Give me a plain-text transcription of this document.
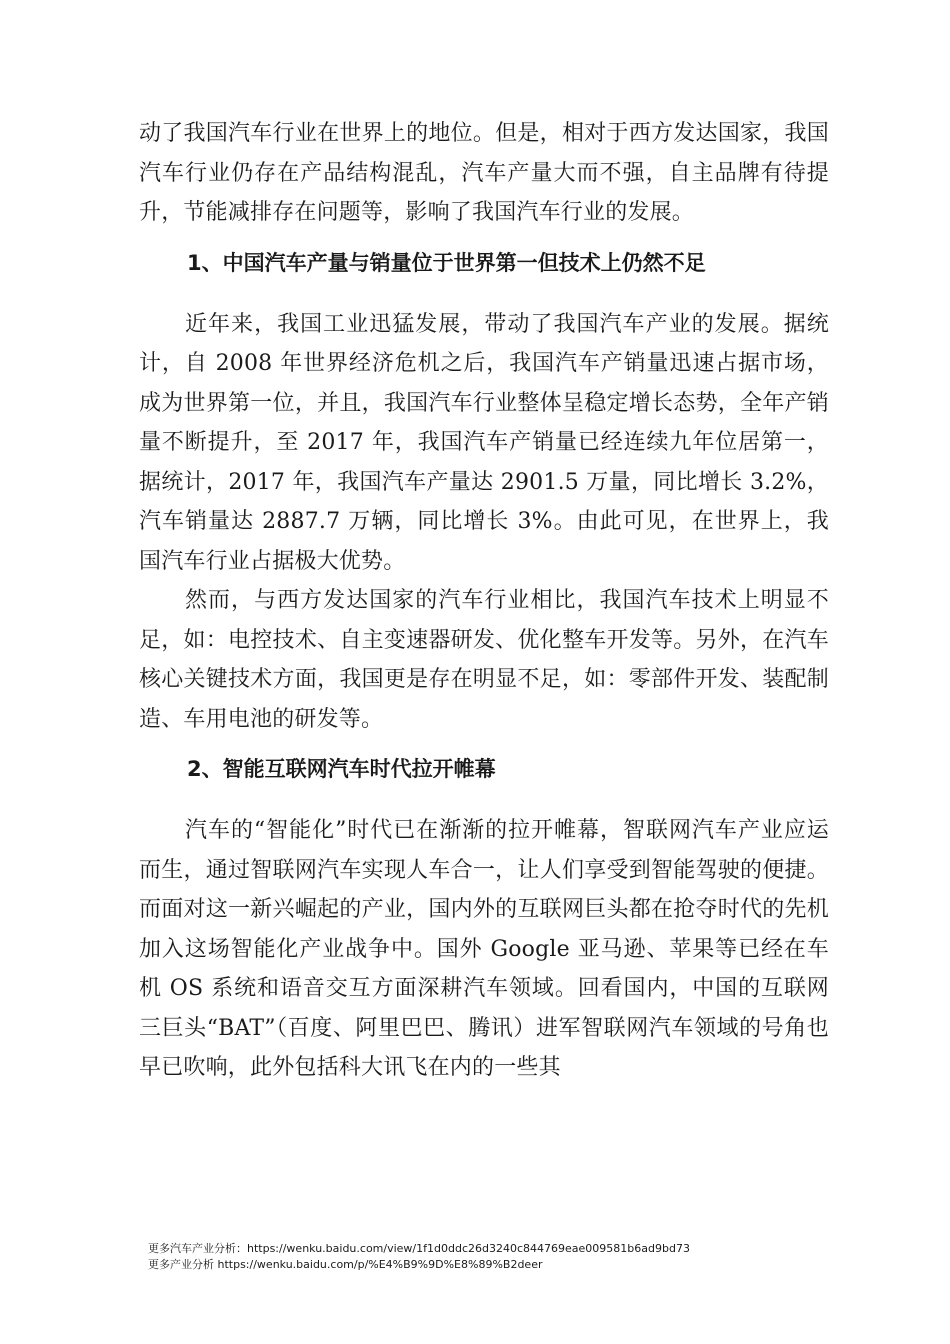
动了我国汽车行业在世界上的地位。但是，相对于西方发达国家，我国汽车行业仍存在产品结构混乱，汽车产量大而不强，自主品牌有待提升，节能减排存在问题等，影响了我国汽车行业的发展。

1、中国汽车产量与销量位于世界第一但技术上仍然不足

近年来，我国工业迅猛发展，带动了我国汽车产业的发展。据统计，自 2008 年世界经济危机之后，我国汽车产销量迅速占据市场，成为世界第一位，并且，我国汽车行业整体呈稳定增长态势，全年产销量不断提升，至 2017 年，我国汽车产销量已经连续九年位居第一，据统计，2017 年，我国汽车产量达 2901.5 万量，同比增长 3.2%，汽车销量达 2887.7 万辆，同比增长 3%。由此可见，在世界上，我国汽车行业占据极大优势。

然而，与西方发达国家的汽车行业相比，我国汽车技术上明显不足，如：电控技术、自主变速器研发、优化整车开发等。另外，在汽车核心关键技术方面，我国更是存在明显不足，如：零部件开发、装配制造、车用电池的研发等。

2、智能互联网汽车时代拉开帷幕

汽车的“智能化”时代已在渐渐的拉开帷幕，智联网汽车产业应运而生，通过智联网汽车实现人车合一，让人们享受到智能驾驶的便捷。而面对这一新兴崛起的产业，国内外的互联网巨头都在抢夺时代的先机加入这场智能化产业战争中。国外 Google 亚马逊、苹果等已经在车机 OS 系统和语音交互方面深耕汽车领域。回看国内，中国的互联网三巨头“BAT”（百度、阿里巴巴、腾讯）进军智联网汽车领域的号角也早已吹响，此外包括科大讯飞在内的一些其

更多汽车产业分析：https://wenku.baidu.com/view/1f1d0ddc26d3240c844769eae009581b6ad9bd73
更多产业分析 https://wenku.baidu.com/p/%E4%B9%9D%E8%89%B2deer
